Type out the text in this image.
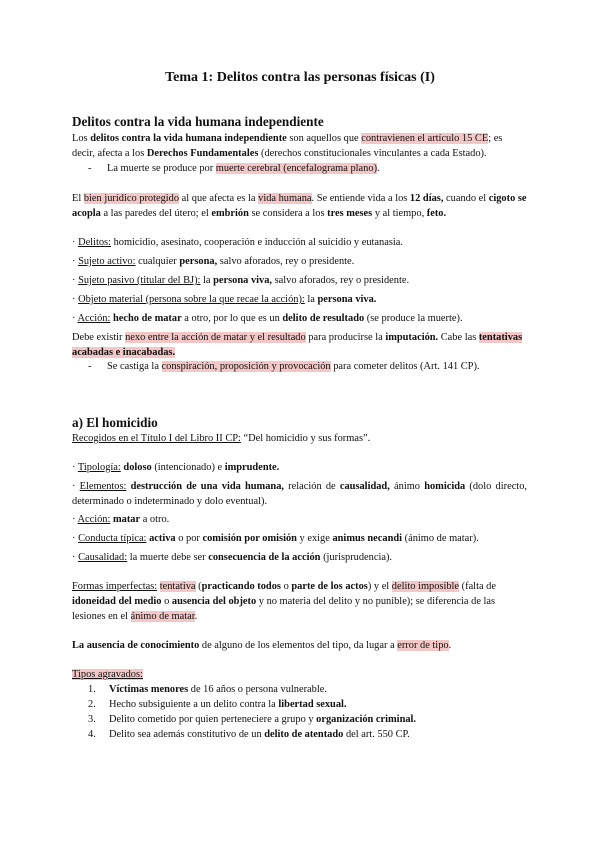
Tema 1: Delitos contra las personas físicas (I)
Delitos contra la vida humana independiente
Los delitos contra la vida humana independiente son aquellos que contravienen el artículo 15 CE; es decir, afecta a los Derechos Fundamentales (derechos constitucionales vinculantes a cada Estado).
- La muerte se produce por muerte cerebral (encefalograma plano).
El bien jurídico protegido al que afecta es la vida humana. Se entiende vida a los 12 días, cuando el cigoto se acopla a las paredes del útero; el embrión se considera a los tres meses y al tiempo, feto.
· Delitos: homicidio, asesinato, cooperación e inducción al suicidio y eutanasia.
· Sujeto activo: cualquier persona, salvo aforados, rey o presidente.
· Sujeto pasivo (titular del BJ): la persona viva, salvo aforados, rey o presidente.
· Objeto material (persona sobre la que recae la acción): la persona viva.
· Acción: hecho de matar a otro, por lo que es un delito de resultado (se produce la muerte).
Debe existir nexo entre la acción de matar y el resultado para producirse la imputación. Cabe las tentativas acabadas e inacabadas.
- Se castiga la conspiración, proposición y provocación para cometer delitos (Art. 141 CP).
a) El homicidio
Recogidos en el Título I del Libro II CP: “Del homicidio y sus formas”.
· Tipología: doloso (intencionado) e imprudente.
· Elementos: destrucción de una vida humana, relación de causalidad, ánimo homicida (dolo directo, determinado o indeterminado y dolo eventual).
· Acción: matar a otro.
· Conducta típica: activa o por comisión por omisión y exige animus necandi (ánimo de matar).
· Causalidad: la muerte debe ser consecuencia de la acción (jurisprudencia).
Formas imperfectas: tentativa (practicando todos o parte de los actos) y el delito imposible (falta de idoneidad del medio o ausencia del objeto y no materia del delito y no punible); se diferencia de las lesiones en el ánimo de matar.
La ausencia de conocimiento de alguno de los elementos del tipo, da lugar a error de tipo.
Tipos agravados:
1. Víctimas menores de 16 años o persona vulnerable.
2. Hecho subsiguiente a un delito contra la libertad sexual.
3. Delito cometido por quien perteneciere a grupo y organización criminal.
4. Delito sea además constitutivo de un delito de atentado del art. 550 CP.
